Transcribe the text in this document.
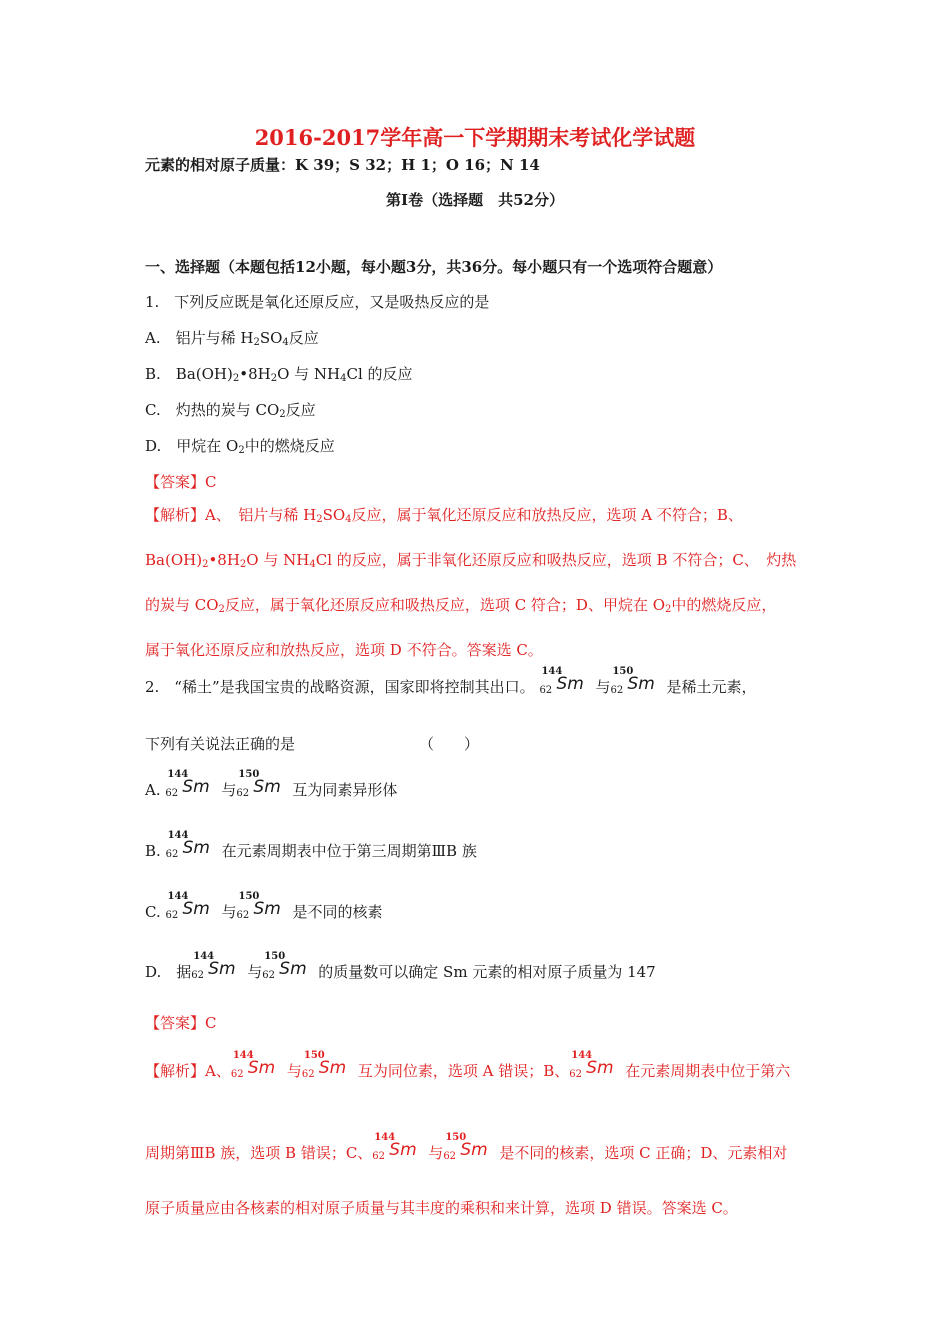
2016-2017学年高一下学期期末考试化学试题
元素的相对原子质量：K 39；S 32；H 1；O 16；N 14
第Ⅰ卷（选择题　共52分）
一、选择题（本题包括12小题，每小题3分，共36分。每小题只有一个选项符合题意）
1.　下列反应既是氧化还原反应，又是吸热反应的是
A.　铝片与稀 $H_2SO_4$反应
B.　$Ba(OH)_2•8H_2O$ 与 $NH_4Cl$ 的反应
C.　灼热的炭与 $CO_2$反应
D.　甲烷在 $O_2$中的燃烧反应
【答案】C
【解析】A、　铝片与稀 $H_2SO_4$反应，属于氧化还原反应和放热反应，选项 A 不符合；B、
$Ba(OH)_2•8H_2O$ 与 $NH_4Cl$ 的反应，属于非氧化还原反应和吸热反应，选项 B 不符合；C、　灼热
的炭与 $CO_2$反应，属于氧化还原反应和吸热反应，选项 C 符合；D、甲烷在 $O_2$中的燃烧反应，
属于氧化还原反应和放热反应，选项 D 不符合。答案选 C。
2.　“稀土”是我国宝贵的战略资源，国家即将控制其出口。
144
62 Sm 与
150
62 Sm 是稀土元素，
下列有关说法正确的是	（　　）
A.
144
62 Sm 与
150
62 Sm 互为同素异形体
B.
144
62 Sm 在元素周期表中位于第三周期第ⅢB 族
C.
144
62 Sm 与
150
62 Sm 是不同的核素
D.　据
144
62 Sm 与
150
62 Sm 的质量数可以确定 Sm 元素的相对原子质量为 147
【答案】C
【解析】A、
144
62 Sm 与
150
62 Sm 互为同位素，选项 A 错误；B、
144
62 Sm 在元素周期表中位于第六
周期第ⅢB 族，选项 B 错误；C、
144
62 Sm 与
150
62 Sm 是不同的核素，选项 C 正确；D、元素相对
原子质量应由各核素的相对原子质量与其丰度的乘积和来计算，选项 D 错误。答案选 C。
